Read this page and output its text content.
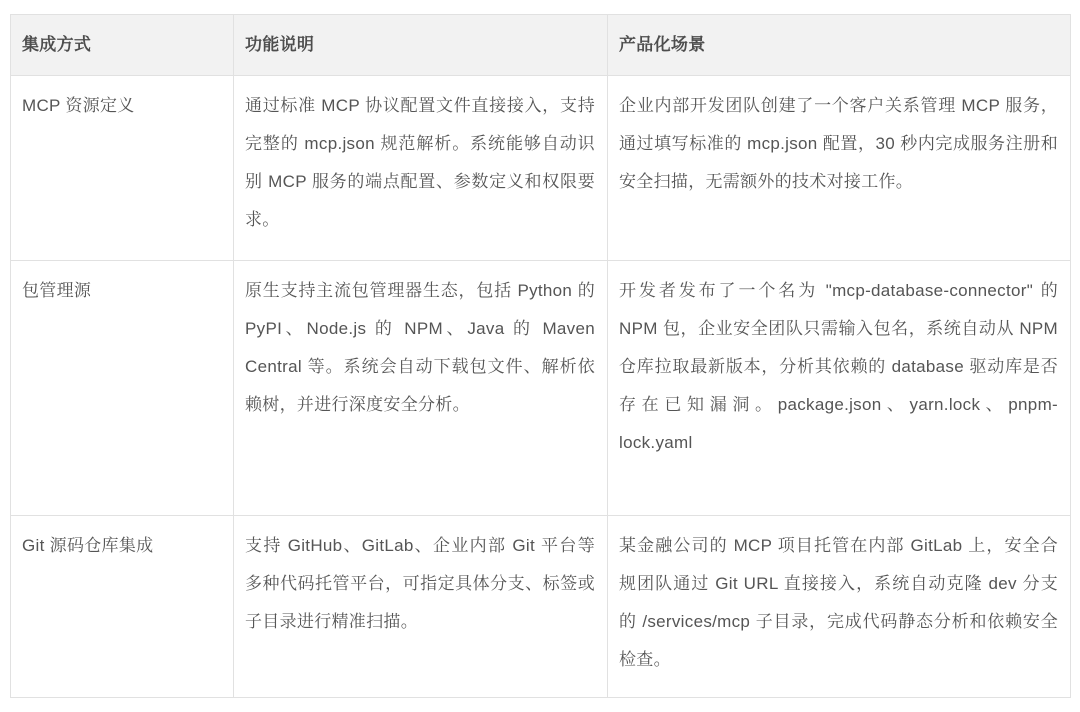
集成方式	功能说明	产品化场景
MCP 资源定义	通过标准 MCP 协议配置文件直接接入，支持完整的 mcp.json 规范解析。系统能够自动识别 MCP 服务的端点配置、参数定义和权限要求。	企业内部开发团队创建了一个客户关系管理 MCP 服务，通过填写标准的 mcp.json 配置，30 秒内完成服务注册和安全扫描，无需额外的技术对接工作。
包管理源	原生支持主流包管理器生态，包括 Python 的 PyPI、Node.js 的 NPM、Java 的 Maven Central 等。系统会自动下载包文件、解析依赖树，并进行深度安全分析。	开发者发布了一个名为 "mcp-database-connector" 的 NPM 包，企业安全团队只需输入包名，系统自动从 NPM 仓库拉取最新版本，分析其依赖的 database 驱动库是否存在已知漏洞。package.json、yarn.lock、pnpm-lock.yaml
Git 源码仓库集成	支持 GitHub、GitLab、企业内部 Git 平台等多种代码托管平台，可指定具体分支、标签或子目录进行精准扫描。	某金融公司的 MCP 项目托管在内部 GitLab 上，安全合规团队通过 Git URL 直接接入，系统自动克隆 dev 分支的 /services/mcp 子目录，完成代码静态分析和依赖安全检查。
